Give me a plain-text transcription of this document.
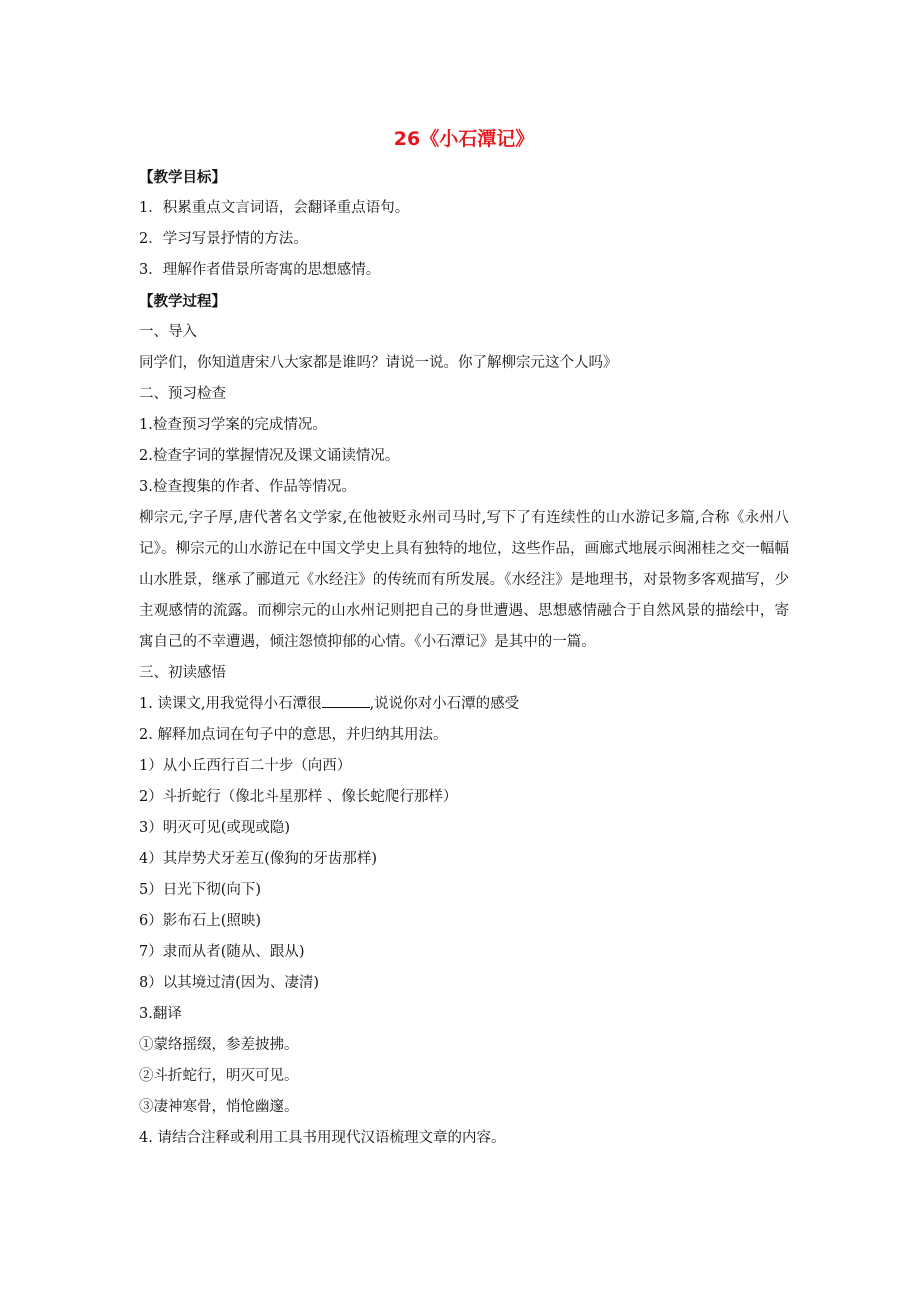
26《小石潭记》
【教学目标】
1．积累重点文言词语，会翻译重点语句。
2．学习写景抒情的方法。
3．理解作者借景所寄寓的思想感情。
【教学过程】
一、导入
同学们，你知道唐宋八大家都是谁吗？请说一说。你了解柳宗元这个人吗》
二、预习检查
1.检查预习学案的完成情况。
2.检查字词的掌握情况及课文诵读情况。
3.检查搜集的作者、作品等情况。
柳宗元,字子厚,唐代著名文学家,在他被贬永州司马时,写下了有连续性的山水游记多篇,合称《永州八记》。柳宗元的山水游记在中国文学史上具有独特的地位，这些作品，画廊式地展示闽湘桂之交一幅幅山水胜景，继承了郦道元《水经注》的传统而有所发展。《水经注》是地理书，对景物多客观描写，少主观感情的流露。而柳宗元的山水州记则把自己的身世遭遇、思想感情融合于自然风景的描绘中，寄寓自己的不幸遭遇，倾注怨愤抑郁的心情。《小石潭记》是其中的一篇。
三、初读感悟
1. 读课文,用我觉得小石潭很	,说说你对小石潭的感受
2. 解释加点词在句子中的意思，并归纳其用法。
1）从小丘西行百二十步（向西）
2）斗折蛇行（像北斗星那样 、像长蛇爬行那样）
3）明灭可见(或现或隐)
4）其岸势犬牙差互(像狗的牙齿那样)
5）日光下彻(向下)
6）影布石上(照映)
7）隶而从者(随从、跟从)
8）以其境过清(因为、凄清)
3.翻译
①蒙络摇缀，参差披拂。
②斗折蛇行，明灭可见。
③凄神寒骨，悄怆幽邃。
4. 请结合注释或利用工具书用现代汉语梳理文章的内容。
